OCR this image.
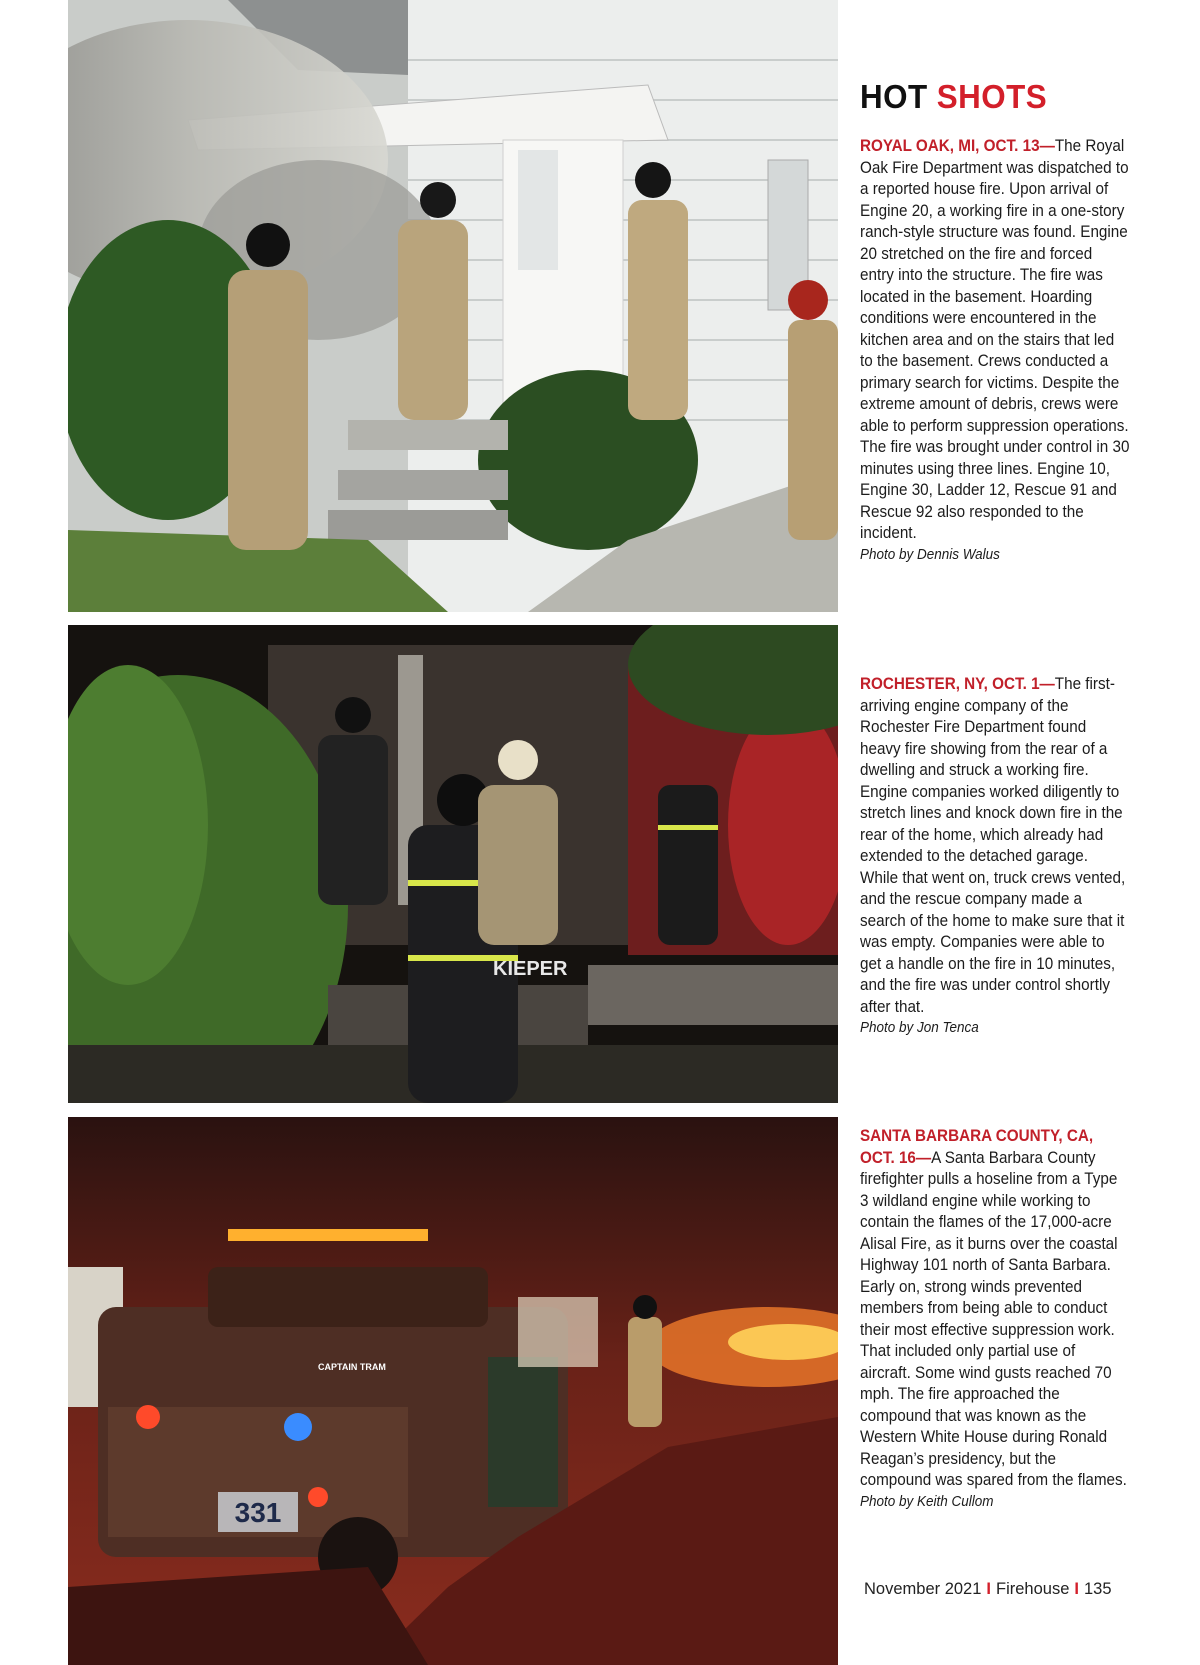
KIEPER
331
HOT SHOTS
ROYAL OAK, MI, OCT. 13—The Royal Oak Fire Department was dispatched to a reported house fire. Upon arrival of Engine 20, a working fire in a one-story ranch-style structure was found. Engine 20 stretched on the fire and forced entry into the structure. The fire was located in the basement. Hoarding conditions were encountered in the kitchen area and on the stairs that led to the basement. Crews conducted a primary search for victims. Despite the extreme amount of debris, crews were able to perform suppression operations. The fire was brought under control in 30 minutes using three lines. Engine 10, Engine 30, Ladder 12, Rescue 91 and Rescue 92 also responded to the incident.
Photo by Dennis Walus
ROCHESTER, NY, OCT. 1—The first-arriving engine company of the Rochester Fire Department found heavy fire showing from the rear of a dwelling and struck a working fire. Engine companies worked diligently to stretch lines and knock down fire in the rear of the home, which already had extended to the detached garage. While that went on, truck crews vented, and the rescue company made a search of the home to make sure that it was empty. Companies were able to get a handle on the fire in 10 minutes, and the fire was under control shortly after that.
Photo by Jon Tenca
SANTA BARBARA COUNTY, CA, OCT. 16—A Santa Barbara County firefighter pulls a hoseline from a Type 3 wildland engine while working to contain the flames of the 17,000-acre Alisal Fire, as it burns over the coastal Highway 101 north of Santa Barbara. Early on, strong winds prevented members from being able to conduct their most effective suppression work. That included only partial use of aircraft. Some wind gusts reached 70 mph. The fire approached the compound that was known as the Western White House during Ronald Reagan’s presidency, but the compound was spared from the flames.
Photo by Keith Cullom
November 2021 I Firehouse I 135
CAPTAIN TRAM
